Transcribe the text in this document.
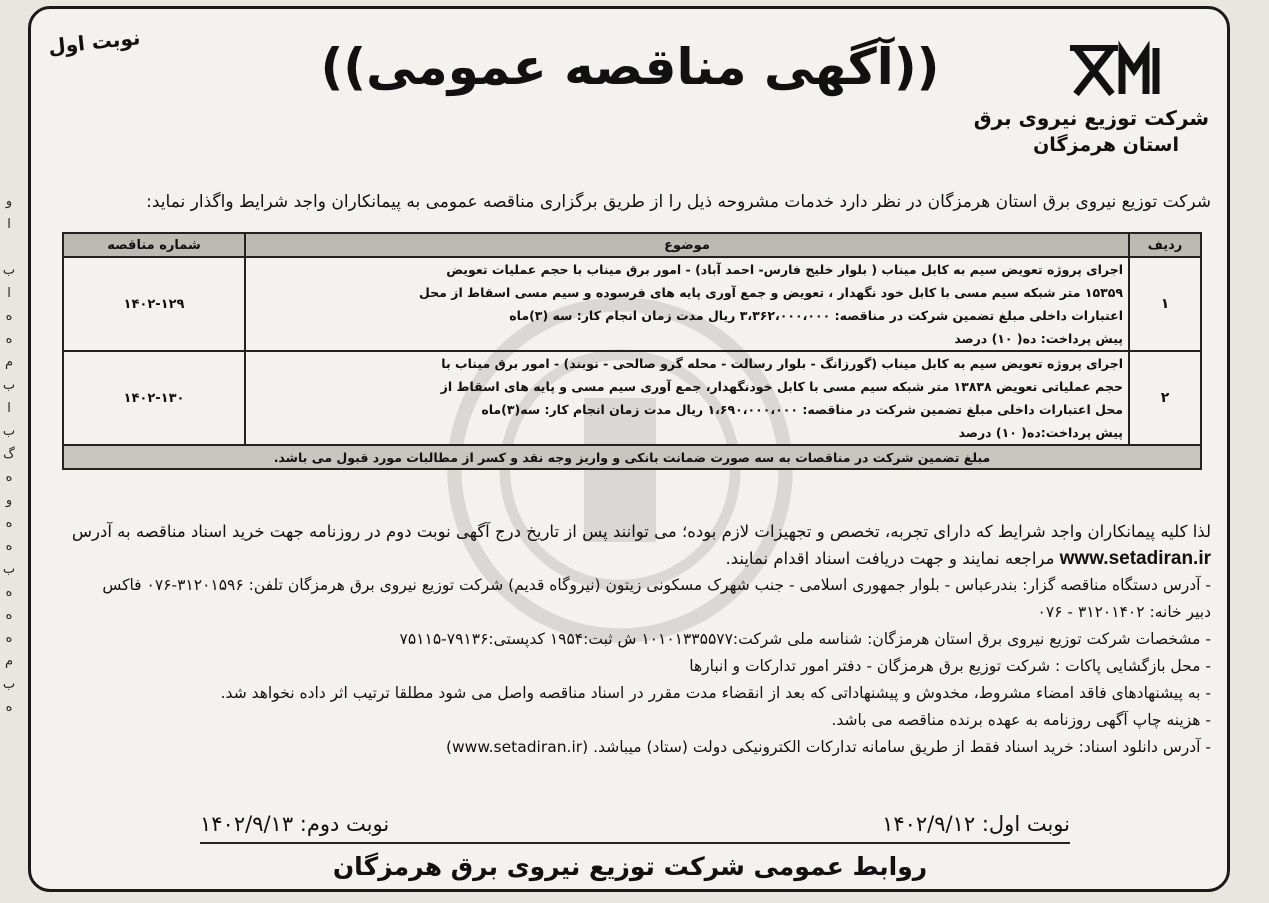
و
ا

ب
ا
ه
ه
م
ب
ا
ب
گ
ه
و
ه
ه
ب
ه
ه
ه
م
ب
ه
نوبت اول	((آگهی مناقصه عمومی))
شرکت توزیع نیروی برق
استان هرمزگان
شرکت توزیع نیروی برق استان هرمزگان در نظر دارد خدمات مشروحه ذیل را از طریق برگزاری مناقصه عمومی به پیمانکاران واجد شرایط واگذار نماید:
ردیف	موضوع	شماره مناقصه
۱	اجرای پروژه تعویض سیم به کابل میناب ( بلوار خلیج فارس- احمد آباد) - امور برق میناب با حجم عملیات تعویض
۱۵۳۵۹ متر شبکه سیم مسی با کابل خود نگهدار ، تعویض و جمع آوری پایه های فرسوده و سیم مسی اسقاط از محل
اعتبارات داخلی مبلغ تضمین شرکت در مناقصه: ۳،۳۶۲،۰۰۰،۰۰۰ ریال مدت زمان انجام کار: سه (۳)ماه
پیش پرداخت: ده( ۱۰) درصد	۱۴۰۲-۱۲۹
۲	اجرای پروژه تعویض سیم به کابل میناب (گورزانگ - بلوار رسالت - محله گرو صالحی - نوبند) - امور برق میناب با
حجم عملیاتی تعویض ۱۳۸۳۸ متر شبکه سیم مسی با کابل خودنگهدار، جمع آوری سیم مسی و پایه های اسقاط از
محل اعتبارات داخلی مبلغ تضمین شرکت در مناقصه: ۱،۶۹۰،۰۰۰،۰۰۰ ریال مدت زمان انجام کار: سه(۳)ماه
پیش پرداخت:ده( ۱۰) درصد	۱۴۰۲-۱۳۰
مبلغ تضمین شرکت در مناقصات به سه صورت ضمانت بانکی و واریز وجه نقد و کسر از مطالبات مورد قبول می باشد.		

لذا کلیه پیمانکاران واجد شرایط که دارای تجربه، تخصص و تجهیزات لازم بوده؛ می توانند پس از تاریخ درج آگهی نوبت دوم در روزنامه جهت خرید اسناد مناقصه به آدرس

www.setadiran.ir مراجعه نمایند و جهت دریافت اسناد اقدام نمایند.

- آدرس دستگاه مناقصه گزار: بندرعباس - بلوار جمهوری اسلامی - جنب شهرک مسکونی زیتون (نیروگاه قدیم) شرکت توزیع نیروی برق هرمزگان تلفن: ۳۱۲۰۱۵۹۶-۰۷۶ فاکس

دبیر خانه: ۳۱۲۰۱۴۰۲ - ۰۷۶

- مشخصات شرکت توزیع نیروی برق استان هرمزگان: شناسه ملی شرکت:۱۰۱۰۱۳۳۵۵۷۷ ش ثبت:۱۹۵۴ کدپستی:۷۹۱۳۶-۷۵۱۱۵

- محل بازگشایی پاکات : شرکت توزیع برق هرمزگان - دفتر امور تدارکات و انبارها

- به پیشنهادهای فاقد امضاء مشروط، مخدوش و پیشنهاداتی که بعد از انقضاء مدت مقرر در اسناد مناقصه واصل می شود مطلقا ترتیب اثر داده نخواهد شد.

- هزینه چاپ آگهی روزنامه به عهده برنده مناقصه می باشد.

- آدرس دانلود اسناد: خرید اسناد فقط از طریق سامانه تدارکات الکترونیکی دولت (ستاد) میباشد. (www.setadiran.ir)

نوبت اول: ۱۴۰۲/۹/۱۲
نوبت دوم: ۱۴۰۲/۹/۱۳
روابط عمومی شرکت توزیع نیروی برق هرمزگان
